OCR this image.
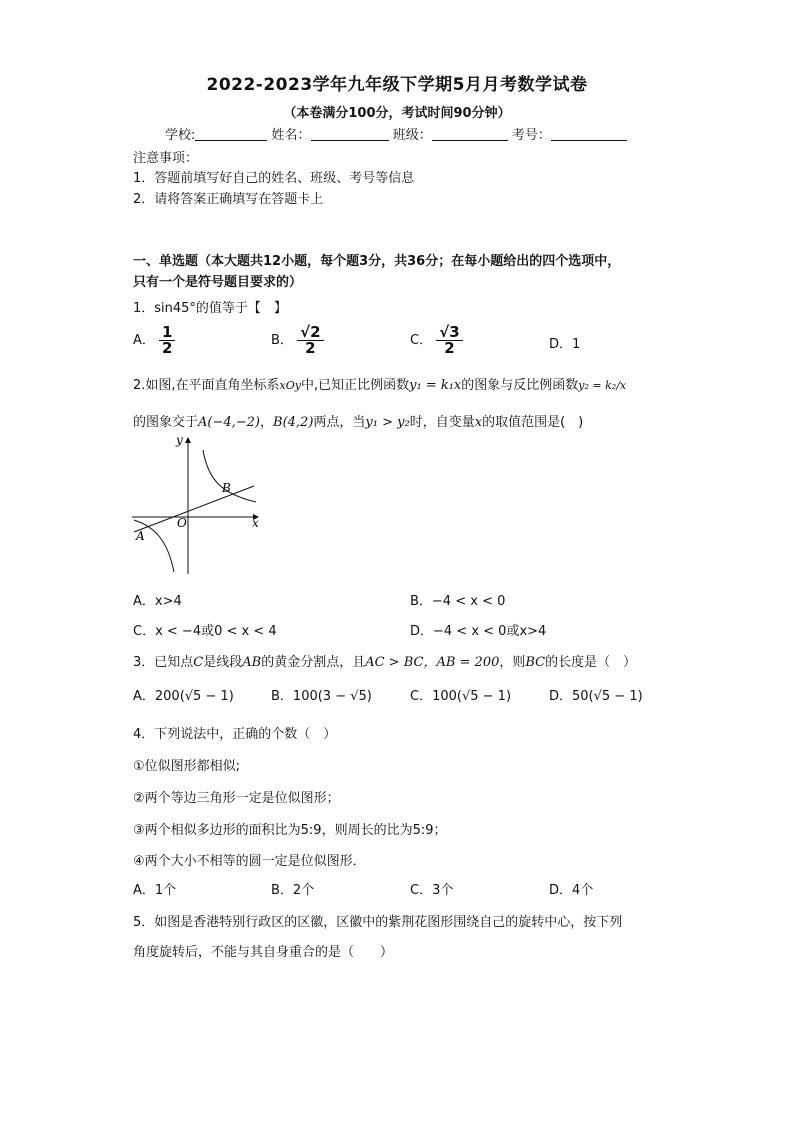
2022-2023学年九年级下学期5月月考数学试卷
（本卷满分100分，考试时间90分钟）
学校:	姓名：	班级：	考号：
注意事项：
1．答题前填写好自己的姓名、班级、考号等信息
2．请将答案正确填写在答题卡上
一、单选题（本大题共12小题，每个题3分，共36分；在每小题给出的四个选项中，
只有一个是符号题目要求的）
1．sin45°的值等于【　】
A． $\frac{1}{2}$	B． $\frac{√2}{2}$	C． $\frac{√3}{2}$	D．1
2.如图,在平面直角坐标系xOy中,已知正比例函数y₁ = k₁x的图象与反比例函数y₂ = k₂/x
的图象交于A(−4,−2)，B(4,2)两点，当y₁ > y₂时，自变量x的取值范围是(　)
y
x
O
A
B
A．x>4	B．−4 < x < 0
C．x < −4或0 < x < 4	D．−4 < x < 0或x>4
3．已知点C是线段AB的黄金分割点，且AC > BC，AB = 200，则BC的长度是（　）
A．200(√5 − 1)	B．100(3 − √5)	C．100(√5 − 1)	D．50(√5 − 1)
4．下列说法中，正确的个数（　）
①位似图形都相似;
②两个等边三角形一定是位似图形；
③两个相似多边形的面积比为5:9，则周长的比为5:9；
④两个大小不相等的圆一定是位似图形．
A．1个	B．2个	C．3个	D．4个
5．如图是香港特别行政区的区徽，区徽中的紫荆花图形围绕自己的旋转中心，按下列
角度旋转后，不能与其自身重合的是（　　）
